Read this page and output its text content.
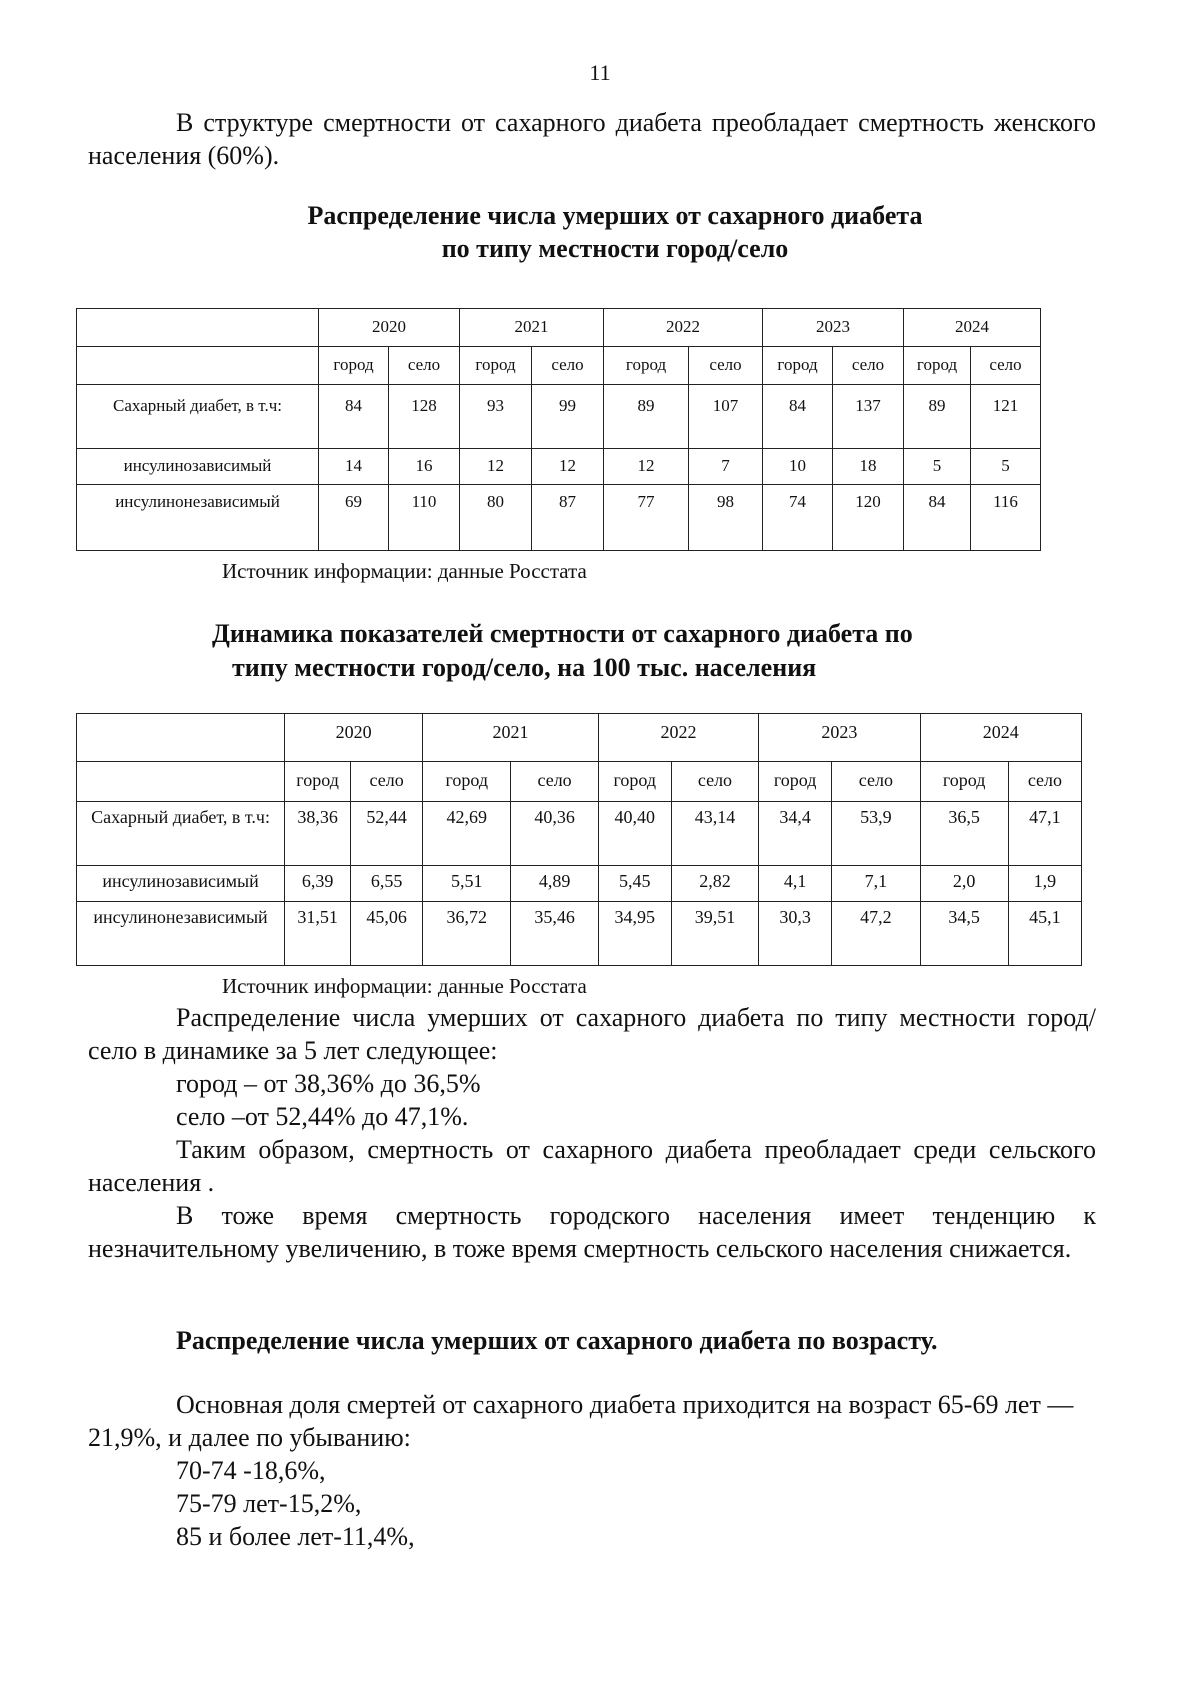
11
В структуре смертности от сахарного диабета преобладает смертность женского населения (60%).
Распределение числа умерших от сахарного диабета
по типу местности город/село

	2020		2021		2022		2023		2024	

	город	село	город	село	город	село	город	село	город	село

Сахарный диабет, в т.ч:	84	128	93	99	89	107	84	137	89	121

инсулинозависимый	14	16	12	12	12	7	10	18	5	5

инсулинонезависимый	69	110	80	87	77	98	74	120	84	116
Источник информации: данные Росстата
Динамика показателей смертности от сахарного диабета по
типу местности город/село, на 100 тыс. населения

	2020		2021		2022		2023		2024	

	город	село	город	село	город	село	город	село	город	село

Сахарный диабет, в т.ч:	38,36	52,44	42,69	40,36	40,40	43,14	34,4	53,9	36,5	47,1

инсулинозависимый	6,39	6,55	5,51	4,89	5,45	2,82	4,1	7,1	2,0	1,9

инсулинонезависимый	31,51	45,06	36,72	35,46	34,95	39,51	30,3	47,2	34,5	45,1
Источник информации: данные Росстата
Распределение числа умерших от сахарного диабета по типу местности город/село в динамике за 5 лет следующее:
город – от 38,36% до 36,5%
село –от 52,44% до 47,1%.
Таким образом, смертность от сахарного диабета преобладает среди сельского населения .
В тоже время смертность городского населения имеет тенденцию к незначительному увеличению, в тоже время смертность сельского населения снижается.
Распределение числа умерших от сахарного диабета по возрасту.
Основная доля смертей от сахарного диабета приходится на возраст 65-69 лет — 21,9%, и далее по убыванию:
70-74 -18,6%,
75-79 лет-15,2%,
85 и более лет-11,4%,
